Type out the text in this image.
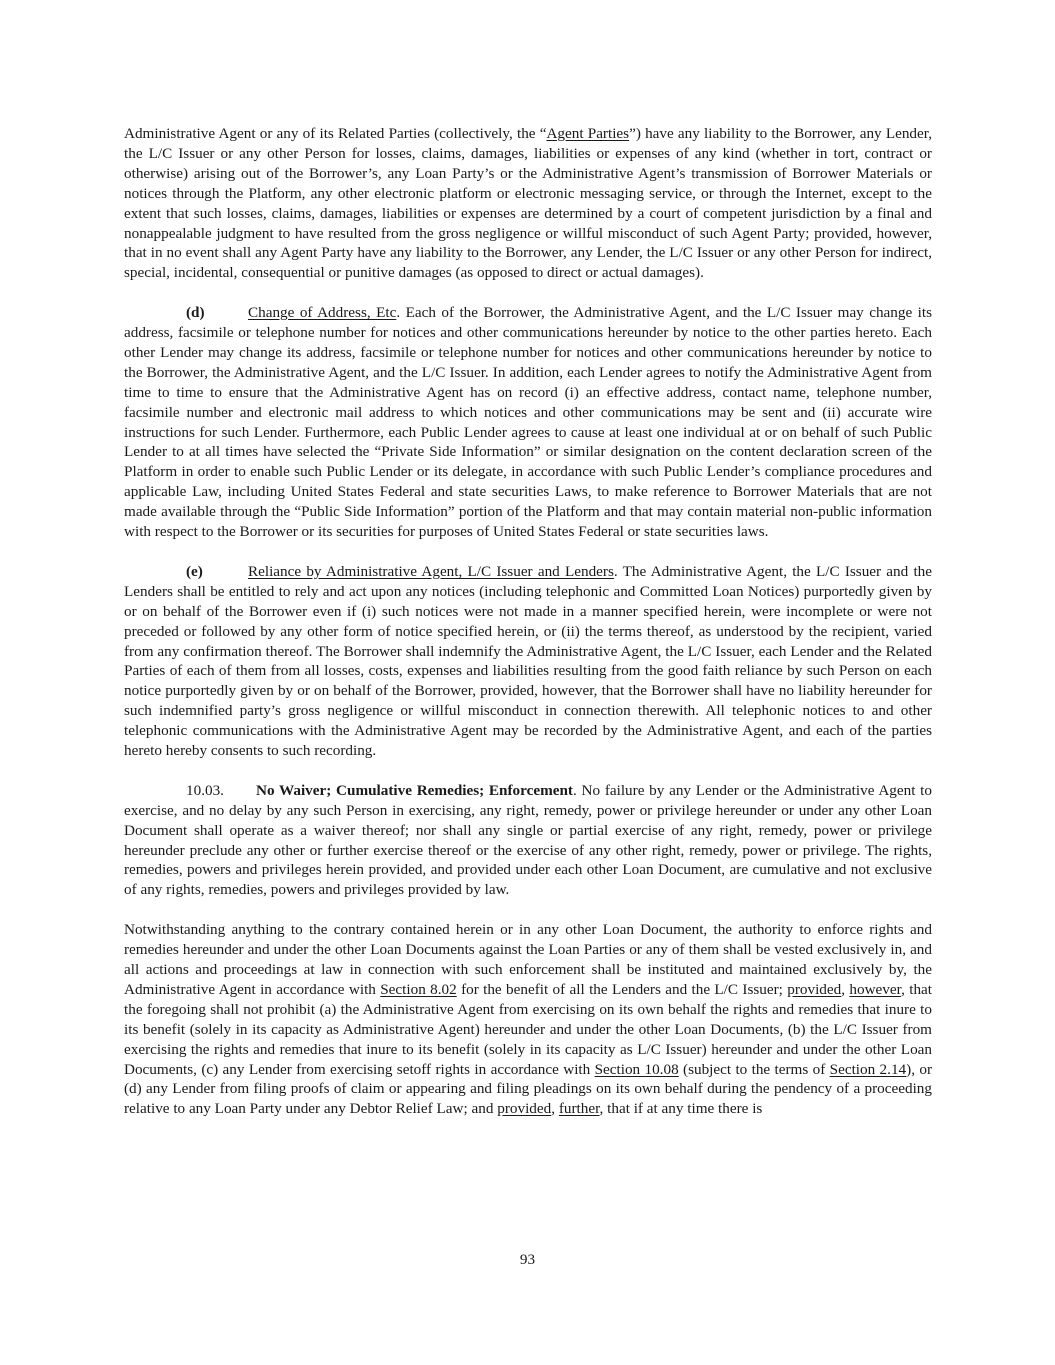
Administrative Agent or any of its Related Parties (collectively, the “Agent Parties”) have any liability to the Borrower, any Lender, the L/C Issuer or any other Person for losses, claims, damages, liabilities or expenses of any kind (whether in tort, contract or otherwise) arising out of the Borrower’s, any Loan Party’s or the Administrative Agent’s transmission of Borrower Materials or notices through the Platform, any other electronic platform or electronic messaging service, or through the Internet, except to the extent that such losses, claims, damages, liabilities or expenses are determined by a court of competent jurisdiction by a final and nonappealable judgment to have resulted from the gross negligence or willful misconduct of such Agent Party; provided, however, that in no event shall any Agent Party have any liability to the Borrower, any Lender, the L/C Issuer or any other Person for indirect, special, incidental, consequential or punitive damages (as opposed to direct or actual damages).

(d)	Change of Address, Etc. Each of the Borrower, the Administrative Agent, and the L/C Issuer may change its address, facsimile or telephone number for notices and other communications hereunder by notice to the other parties hereto. Each other Lender may change its address, facsimile or telephone number for notices and other communications hereunder by notice to the Borrower, the Administrative Agent, and the L/C Issuer. In addition, each Lender agrees to notify the Administrative Agent from time to time to ensure that the Administrative Agent has on record (i) an effective address, contact name, telephone number, facsimile number and electronic mail address to which notices and other communications may be sent and (ii) accurate wire instructions for such Lender. Furthermore, each Public Lender agrees to cause at least one individual at or on behalf of such Public Lender to at all times have selected the “Private Side Information” or similar designation on the content declaration screen of the Platform in order to enable such Public Lender or its delegate, in accordance with such Public Lender’s compliance procedures and applicable Law, including United States Federal and state securities Laws, to make reference to Borrower Materials that are not made available through the “Public Side Information” portion of the Platform and that may contain material non-public information with respect to the Borrower or its securities for purposes of United States Federal or state securities laws.

(e)	Reliance by Administrative Agent, L/C Issuer and Lenders. The Administrative Agent, the L/C Issuer and the Lenders shall be entitled to rely and act upon any notices (including telephonic and Committed Loan Notices) purportedly given by or on behalf of the Borrower even if (i) such notices were not made in a manner specified herein, were incomplete or were not preceded or followed by any other form of notice specified herein, or (ii) the terms thereof, as understood by the recipient, varied from any confirmation thereof. The Borrower shall indemnify the Administrative Agent, the L/C Issuer, each Lender and the Related Parties of each of them from all losses, costs, expenses and liabilities resulting from the good faith reliance by such Person on each notice purportedly given by or on behalf of the Borrower, provided, however, that the Borrower shall have no liability hereunder for such indemnified party’s gross negligence or willful misconduct in connection therewith. All telephonic notices to and other telephonic communications with the Administrative Agent may be recorded by the Administrative Agent, and each of the parties hereto hereby consents to such recording.

10.03. No Waiver; Cumulative Remedies; Enforcement. No failure by any Lender or the Administrative Agent to exercise, and no delay by any such Person in exercising, any right, remedy, power or privilege hereunder or under any other Loan Document shall operate as a waiver thereof; nor shall any single or partial exercise of any right, remedy, power or privilege hereunder preclude any other or further exercise thereof or the exercise of any other right, remedy, power or privilege. The rights, remedies, powers and privileges herein provided, and provided under each other Loan Document, are cumulative and not exclusive of any rights, remedies, powers and privileges provided by law.

Notwithstanding anything to the contrary contained herein or in any other Loan Document, the authority to enforce rights and remedies hereunder and under the other Loan Documents against the Loan Parties or any of them shall be vested exclusively in, and all actions and proceedings at law in connection with such enforcement shall be instituted and maintained exclusively by, the Administrative Agent in accordance with Section 8.02 for the benefit of all the Lenders and the L/C Issuer; provided, however, that the foregoing shall not prohibit (a) the Administrative Agent from exercising on its own behalf the rights and remedies that inure to its benefit (solely in its capacity as Administrative Agent) hereunder and under the other Loan Documents, (b) the L/C Issuer from exercising the rights and remedies that inure to its benefit (solely in its capacity as L/C Issuer) hereunder and under the other Loan Documents, (c) any Lender from exercising setoff rights in accordance with Section 10.08 (subject to the terms of Section 2.14), or (d) any Lender from filing proofs of claim or appearing and filing pleadings on its own behalf during the pendency of a proceeding relative to any Loan Party under any Debtor Relief Law; and provided, further, that if at any time there is

93
